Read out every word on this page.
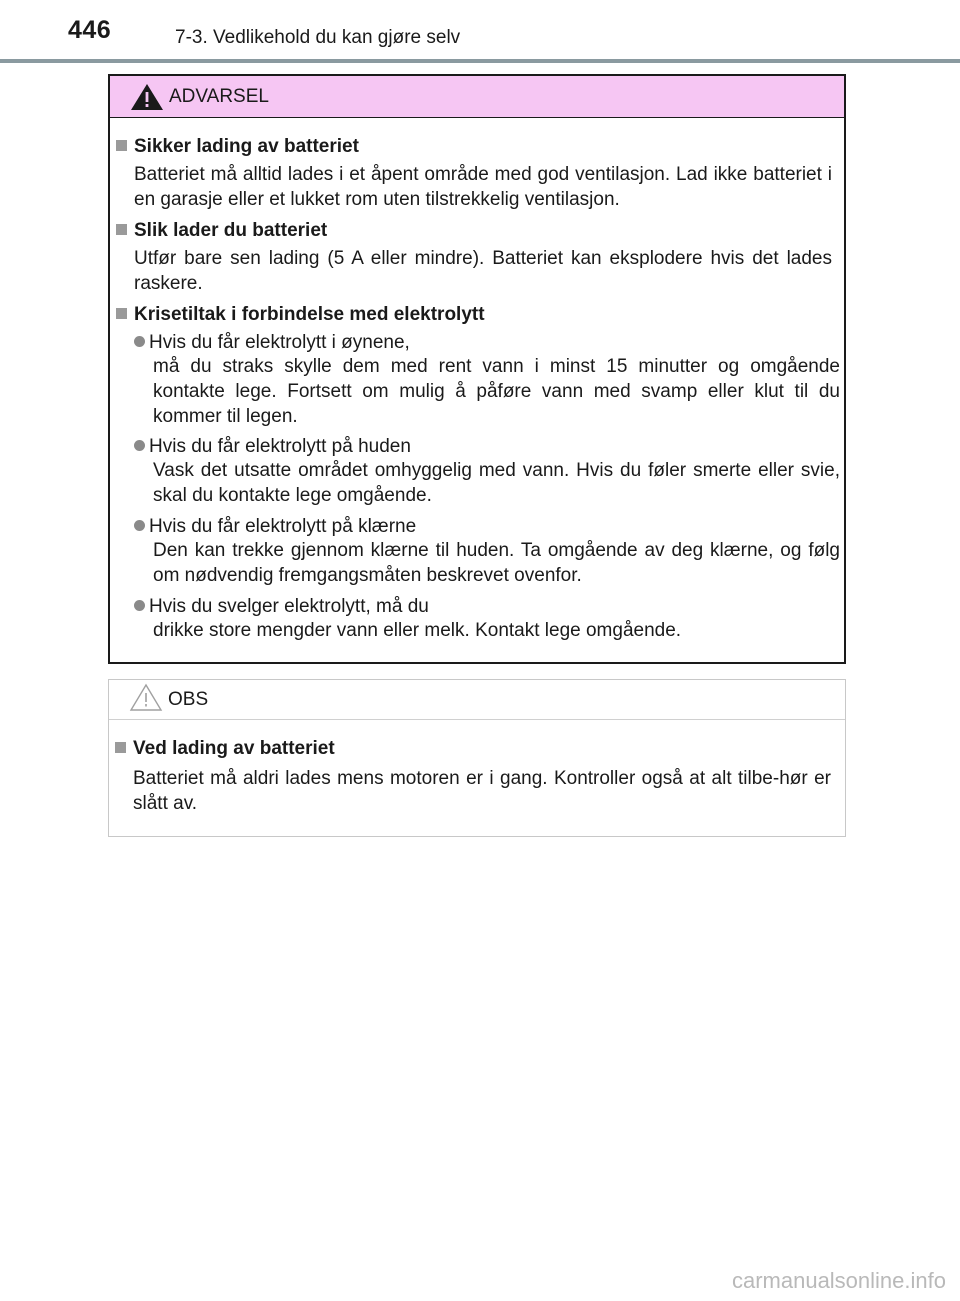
446	7-3. Vedlikehold du kan gjøre selv
ADVARSEL
Sikker lading av batteriet
Batteriet må alltid lades i et åpent område med god ventilasjon. Lad ikke batteriet i en garasje eller et lukket rom uten tilstrekkelig ventilasjon.
Slik lader du batteriet
Utfør bare sen lading (5 A eller mindre). Batteriet kan eksplodere hvis det lades raskere.
Krisetiltak i forbindelse med elektrolytt
Hvis du får elektrolytt i øynene,
må du straks skylle dem med rent vann i minst 15 minutter og omgående kontakte lege. Fortsett om mulig å påføre vann med svamp eller klut til du kommer til legen.
Hvis du får elektrolytt på huden
Vask det utsatte området omhyggelig med vann. Hvis du føler smerte eller svie, skal du kontakte lege omgående.
Hvis du får elektrolytt på klærne
Den kan trekke gjennom klærne til huden. Ta omgående av deg klærne, og følg om nødvendig fremgangsmåten beskrevet ovenfor.
Hvis du svelger elektrolytt, må du
drikke store mengder vann eller melk. Kontakt lege omgående.
OBS
Ved lading av batteriet
Batteriet må aldri lades mens motoren er i gang. Kontroller også at alt tilbe-hør er slått av.
carmanualsonline.info
